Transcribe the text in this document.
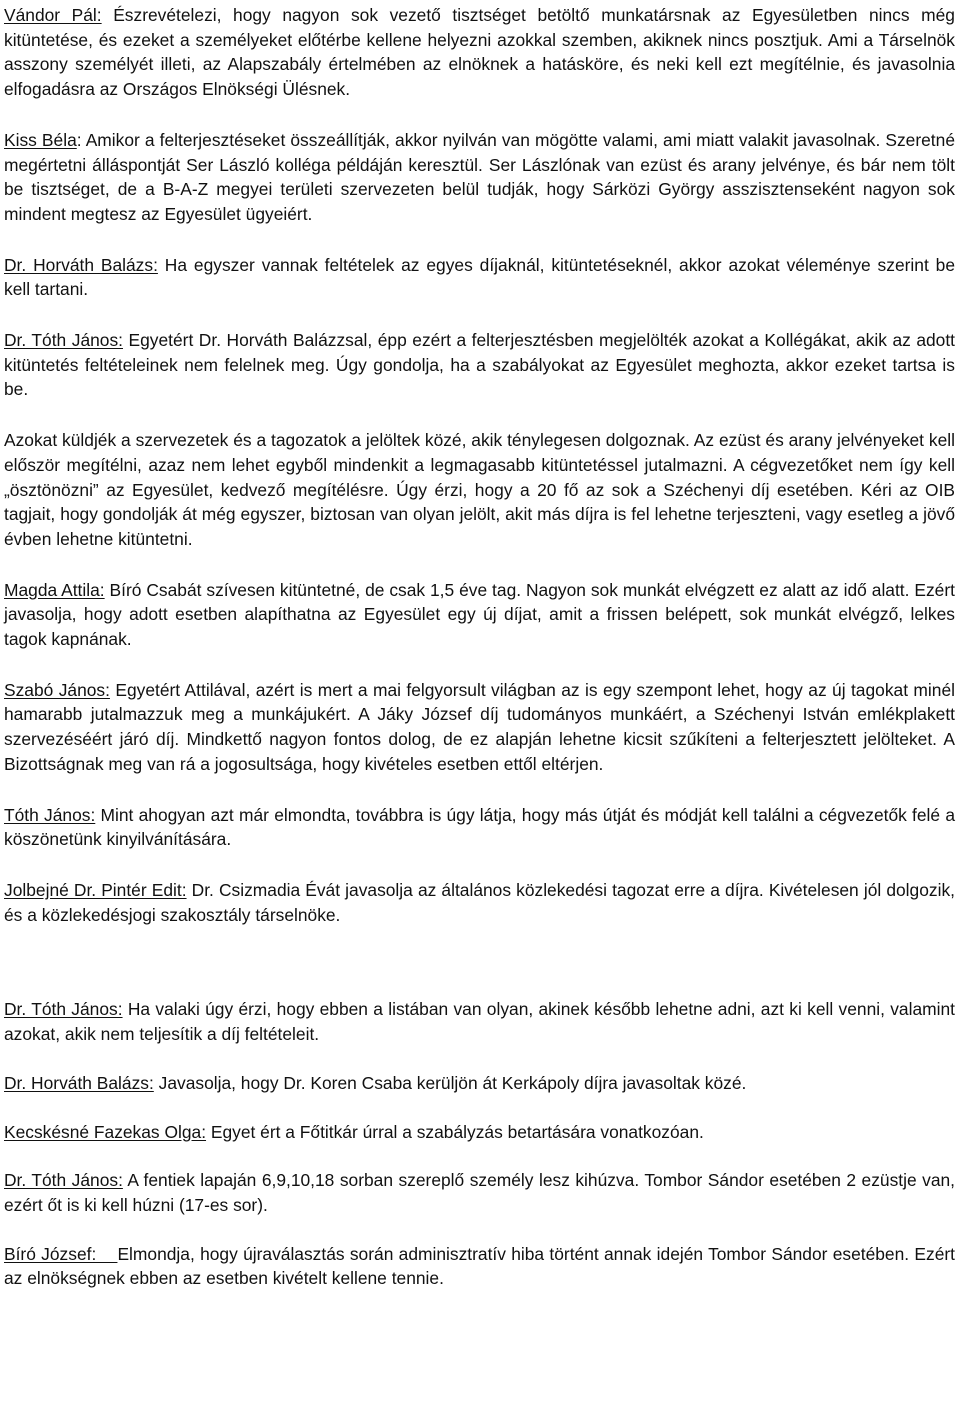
Vándor Pál: Észrevételezi, hogy nagyon sok vezető tisztséget betöltő munkatársnak az Egyesületben nincs még kitüntetése, és ezeket a személyeket előtérbe kellene helyezni azokkal szemben, akiknek nincs posztjuk. Ami a Társelnök asszony személyét illeti, az Alapszabály értelmében az elnöknek a hatásköre, és neki kell ezt megítélnie, és javasolnia elfogadásra az Országos Elnökségi Ülésnek.

Kiss Béla: Amikor a felterjesztéseket összeállítják, akkor nyilván van mögötte valami, ami miatt valakit javasolnak. Szeretné megértetni álláspontját Ser László kolléga példáján keresztül. Ser Lászlónak van ezüst és arany jelvénye, és bár nem tölt be tisztséget, de a B-A-Z megyei területi szervezeten belül tudják, hogy Sárközi György asszisztenseként nagyon sok mindent megtesz az Egyesület ügyeiért.

Dr. Horváth Balázs: Ha egyszer vannak feltételek az egyes díjaknál, kitüntetéseknél, akkor azokat véleménye szerint be kell tartani.

Dr. Tóth János: Egyetért Dr. Horváth Balázzsal, épp ezért a felterjesztésben megjelölték azokat a Kollégákat, akik az adott kitüntetés feltételeinek nem felelnek meg. Úgy gondolja, ha a szabályokat az Egyesület meghozta, akkor ezeket tartsa is be.

Azokat küldjék a szervezetek és a tagozatok a jelöltek közé, akik ténylegesen dolgoznak. Az ezüst és arany jelvényeket kell először megítélni, azaz nem lehet egyből mindenkit a legmagasabb kitüntetéssel jutalmazni. A cégvezetőket nem így kell „ösztönözni” az Egyesület, kedvező megítélésre. Úgy érzi, hogy a 20 fő az sok a Széchenyi díj esetében. Kéri az OIB tagjait, hogy gondolják át még egyszer, biztosan van olyan jelölt, akit más díjra is fel lehetne terjeszteni, vagy esetleg a jövő évben lehetne kitüntetni.

Magda Attila: Bíró Csabát szívesen kitüntetné, de csak 1,5 éve tag. Nagyon sok munkát elvégzett ez alatt az idő alatt. Ezért javasolja, hogy adott esetben alapíthatna az Egyesület egy új díjat, amit a frissen belépett, sok munkát elvégző, lelkes tagok kapnának.

Szabó János: Egyetért Attilával, azért is mert a mai felgyorsult világban az is egy szempont lehet, hogy az új tagokat minél hamarabb jutalmazzuk meg a munkájukért. A Jáky József díj tudományos munkáért, a Széchenyi István emlékplakett szervezéséért járó díj. Mindkettő nagyon fontos dolog, de ez alapján lehetne kicsit szűkíteni a felterjesztett jelölteket. A Bizottságnak meg van rá a jogosultsága, hogy kivételes esetben ettől eltérjen.

Tóth János: Mint ahogyan azt már elmondta, továbbra is úgy látja, hogy más útját és módját kell találni a cégvezetők felé a köszönetünk kinyilvánítására.

Jolbejné Dr. Pintér Edit: Dr. Csizmadia Évát javasolja az általános közlekedési tagozat erre a díjra. Kivételesen jól dolgozik, és a közlekedésjogi szakosztály társelnöke.

Dr. Tóth János: Ha valaki úgy érzi, hogy ebben a listában van olyan, akinek később lehetne adni, azt ki kell venni, valamint azokat, akik nem teljesítik a díj feltételeit.

Dr. Horváth Balázs: Javasolja, hogy Dr. Koren Csaba kerüljön át Kerkápoly díjra javasoltak közé.

Kecskésné Fazekas Olga: Egyet ért a Főtitkár úrral a szabályzás betartására vonatkozóan.

Dr. Tóth János: A fentiek lapaján 6,9,10,18 sorban szereplő személy lesz kihúzva. Tombor Sándor esetében 2 ezüstje van, ezért őt is ki kell húzni (17-es sor).

Bíró József:    Elmondja, hogy újraválasztás során adminisztratív hiba történt annak idején Tombor Sándor esetében. Ezért az elnökségnek ebben az esetben kivételt kellene tennie.
